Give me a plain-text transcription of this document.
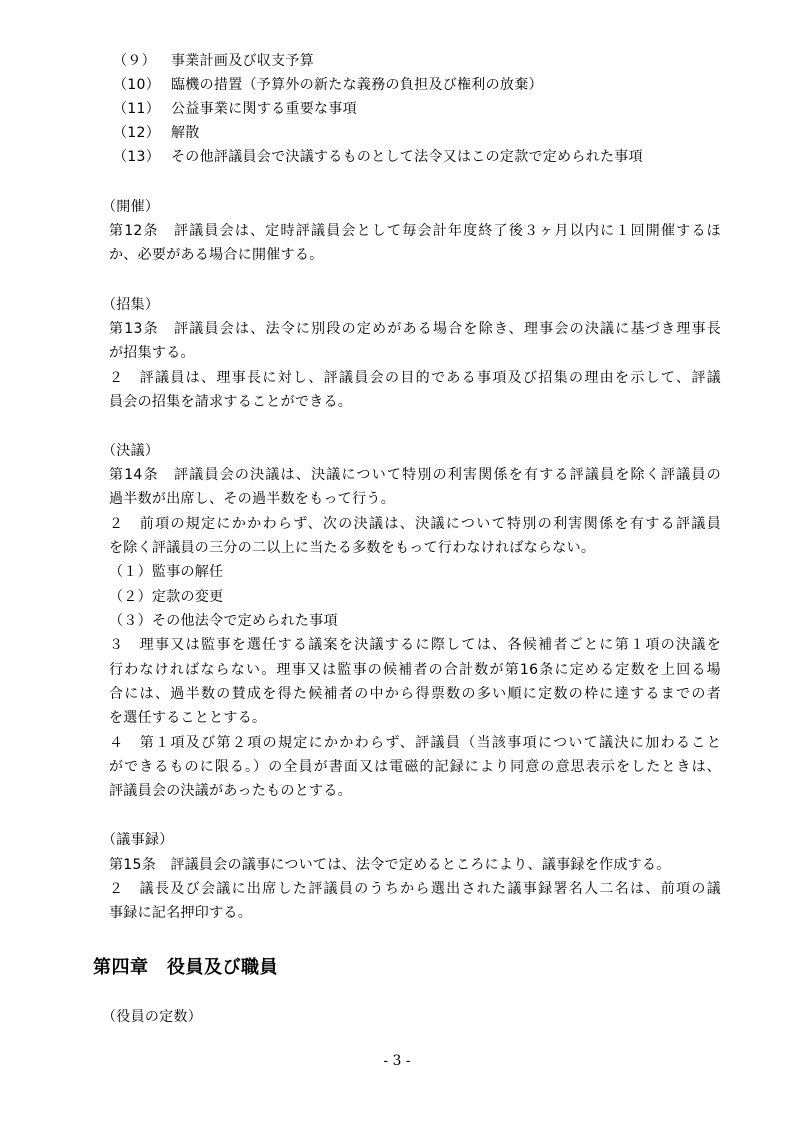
（９） 事業計画及び収支予算
（10） 臨機の措置（予算外の新たな義務の負担及び権利の放棄）
（11） 公益事業に関する重要な事項
（12） 解散
（13） その他評議員会で決議するものとして法令又はこの定款で定められた事項
（開催）
第12条　評議員会は、定時評議員会として毎会計年度終了後３ヶ月以内に１回開催するほ
か、必要がある場合に開催する。
（招集）
第13条　評議員会は、法令に別段の定めがある場合を除き、理事会の決議に基づき理事長
が招集する。
２　評議員は、理事長に対し、評議員会の目的である事項及び招集の理由を示して、評議
員会の招集を請求することができる。
（決議）
第14条　評議員会の決議は、決議について特別の利害関係を有する評議員を除く評議員の
過半数が出席し、その過半数をもって行う。
２　前項の規定にかかわらず、次の決議は、決議について特別の利害関係を有する評議員
を除く評議員の三分の二以上に当たる多数をもって行わなければならない。
（１）監事の解任
（２）定款の変更
（３）その他法令で定められた事項
３　理事又は監事を選任する議案を決議するに際しては、各候補者ごとに第１項の決議を
行わなければならない。理事又は監事の候補者の合計数が第16条に定める定数を上回る場
合には、過半数の賛成を得た候補者の中から得票数の多い順に定数の枠に達するまでの者
を選任することとする。
４　第１項及び第２項の規定にかかわらず、評議員（当該事項について議決に加わること
ができるものに限る。）の全員が書面又は電磁的記録により同意の意思表示をしたときは、
評議員会の決議があったものとする。
（議事録）
第15条　評議員会の議事については、法令で定めるところにより、議事録を作成する。
２　議長及び会議に出席した評議員のうちから選出された議事録署名人二名は、前項の議
事録に記名押印する。
第四章　役員及び職員
（役員の定数）
- 3 -
